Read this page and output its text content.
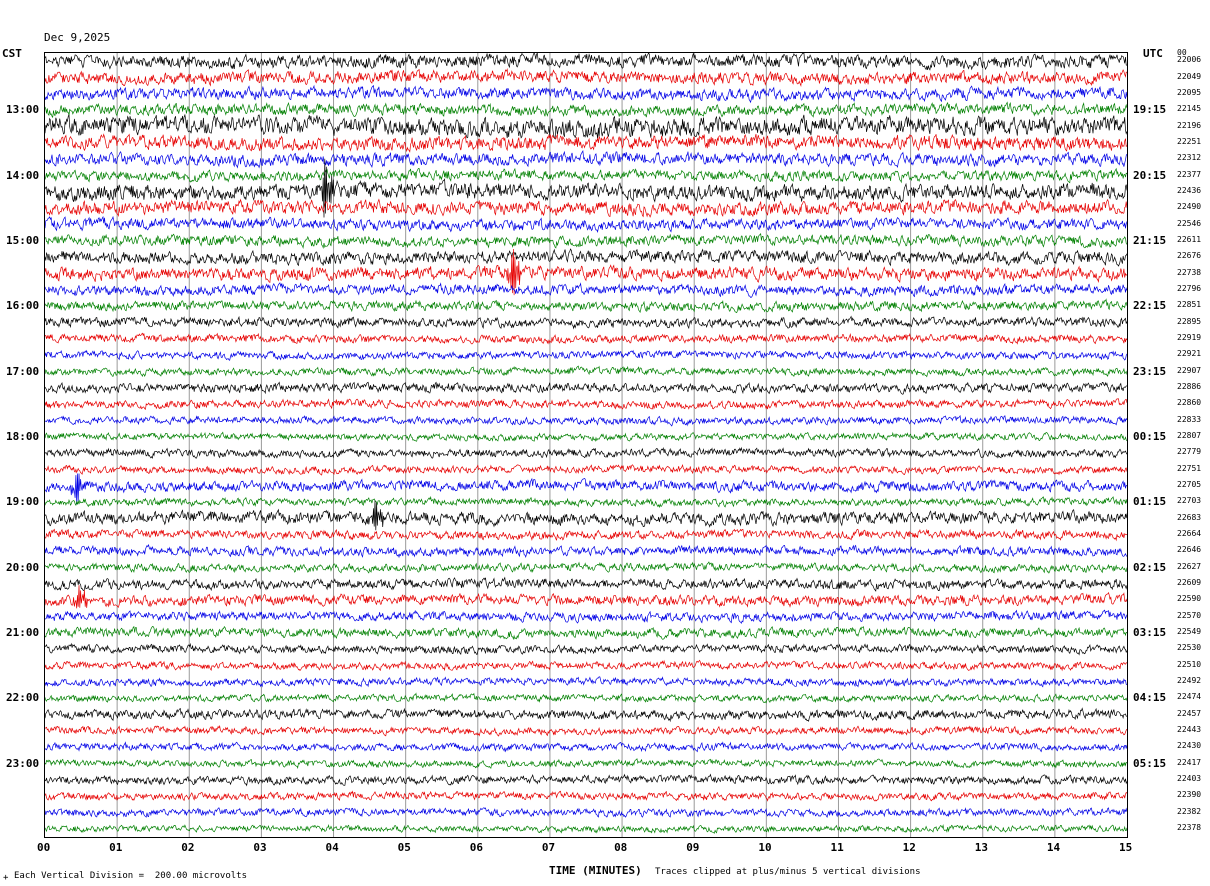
Dec 9,2025

CST	UTC
13:00
14:00
15:00
16:00
17:00
18:00
19:00
20:00
21:00
22:00
23:00
19:15
20:15
21:15
22:15
23:15
00:15
01:15
02:15
03:15
04:15
05:15
00
22006
22049
22095
22145
22196
22251
22312
22377
22436
22490
22546
22611
22676
22738
22796
22851
22895
22919
22921
22907
22886
22860
22833
22807
22779
22751
22705
22703
22683
22664
22646
22627
22609
22590
22570
22549
22530
22510
22492
22474
22457
22443
22430
22417
22403
22390
22382
22378
00	01	02	03	04	05	06	07	08	09	10	11	12	13	14	15
TIME (MINUTES)
+ Each Vertical Division =  200.00 microvolts	Traces clipped at plus/minus 5 vertical divisions
